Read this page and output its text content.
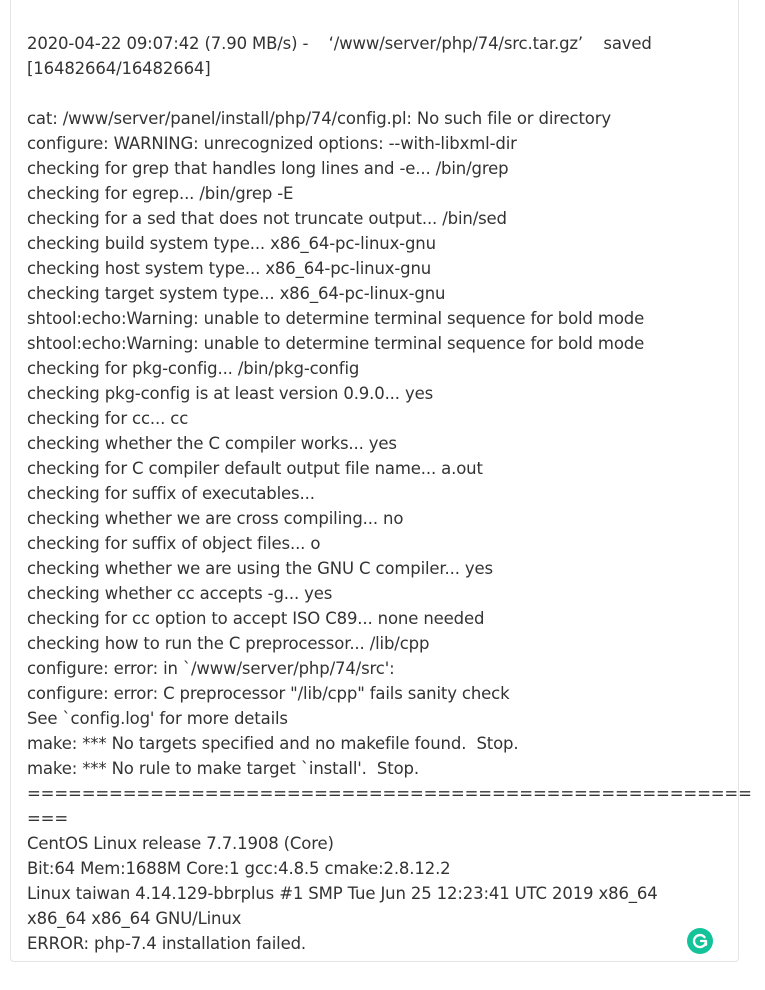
2020-04-22 09:07:42 (7.90 MB/s) -    ‘/www/server/php/74/src.tar.gz’    saved
[16482664/16482664]
cat: /www/server/panel/install/php/74/config.pl: No such file or directory
configure: WARNING: unrecognized options: --with-libxml-dir
checking for grep that handles long lines and -e... /bin/grep
checking for egrep... /bin/grep -E
checking for a sed that does not truncate output... /bin/sed
checking build system type... x86_64-pc-linux-gnu
checking host system type... x86_64-pc-linux-gnu
checking target system type... x86_64-pc-linux-gnu
shtool:echo:Warning: unable to determine terminal sequence for bold mode
shtool:echo:Warning: unable to determine terminal sequence for bold mode
checking for pkg-config... /bin/pkg-config
checking pkg-config is at least version 0.9.0... yes
checking for cc... cc
checking whether the C compiler works... yes
checking for C compiler default output file name... a.out
checking for suffix of executables...
checking whether we are cross compiling... no
checking for suffix of object files... o
checking whether we are using the GNU C compiler... yes
checking whether cc accepts -g... yes
checking for cc option to accept ISO C89... none needed
checking how to run the C preprocessor... /lib/cpp
configure: error: in `/www/server/php/74/src':
configure: error: C preprocessor "/lib/cpp" fails sanity check
See `config.log' for more details
make: *** No targets specified and no makefile found.  Stop.
make: *** No rule to make target `install'.  Stop.
=====================================================
===
CentOS Linux release 7.7.1908 (Core)
Bit:64 Mem:1688M Core:1 gcc:4.8.5 cmake:2.8.12.2
Linux taiwan 4.14.129-bbrplus #1 SMP Tue Jun 25 12:23:41 UTC 2019 x86_64
x86_64 x86_64 GNU/Linux
ERROR: php-7.4 installation failed.
